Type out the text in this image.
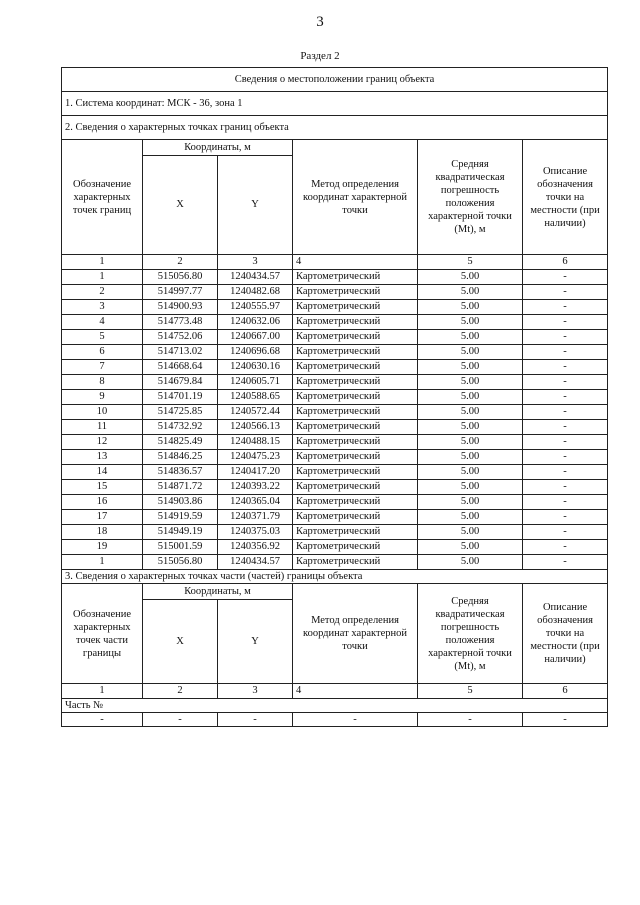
3
Раздел 2
Сведения о местоположении границ объекта					
1. Система координат: МСК - 36, зона 1					
2. Сведения о характерных точках границ объекта					
Обозначение характерных точек границ	Координаты, м		Метод определения координат характерной точки	Средняя квадратическая погрешность положения характерной точки (Mt), м	Описание обозначения точки на местности (при наличии)
	X	Y			
1	2	3	4	5	6
1	515056.80	1240434.57	Картометрический	5.00	-
2	514997.77	1240482.68	Картометрический	5.00	-
3	514900.93	1240555.97	Картометрический	5.00	-
4	514773.48	1240632.06	Картометрический	5.00	-
5	514752.06	1240667.00	Картометрический	5.00	-
6	514713.02	1240696.68	Картометрический	5.00	-
7	514668.64	1240630.16	Картометрический	5.00	-
8	514679.84	1240605.71	Картометрический	5.00	-
9	514701.19	1240588.65	Картометрический	5.00	-
10	514725.85	1240572.44	Картометрический	5.00	-
11	514732.92	1240566.13	Картометрический	5.00	-
12	514825.49	1240488.15	Картометрический	5.00	-
13	514846.25	1240475.23	Картометрический	5.00	-
14	514836.57	1240417.20	Картометрический	5.00	-
15	514871.72	1240393.22	Картометрический	5.00	-
16	514903.86	1240365.04	Картометрический	5.00	-
17	514919.59	1240371.79	Картометрический	5.00	-
18	514949.19	1240375.03	Картометрический	5.00	-
19	515001.59	1240356.92	Картометрический	5.00	-
1	515056.80	1240434.57	Картометрический	5.00	-
3. Сведения о характерных точках части (частей) границы объекта					
Обозначение характерных точек части границы	Координаты, м		Метод определения координат характерной точки	Средняя квадратическая погрешность положения характерной точки (Mt), м	Описание обозначения точки на местности (при наличии)
	X	Y			
1	2	3	4	5	6
Часть №					
-	-	-	-	-	-
